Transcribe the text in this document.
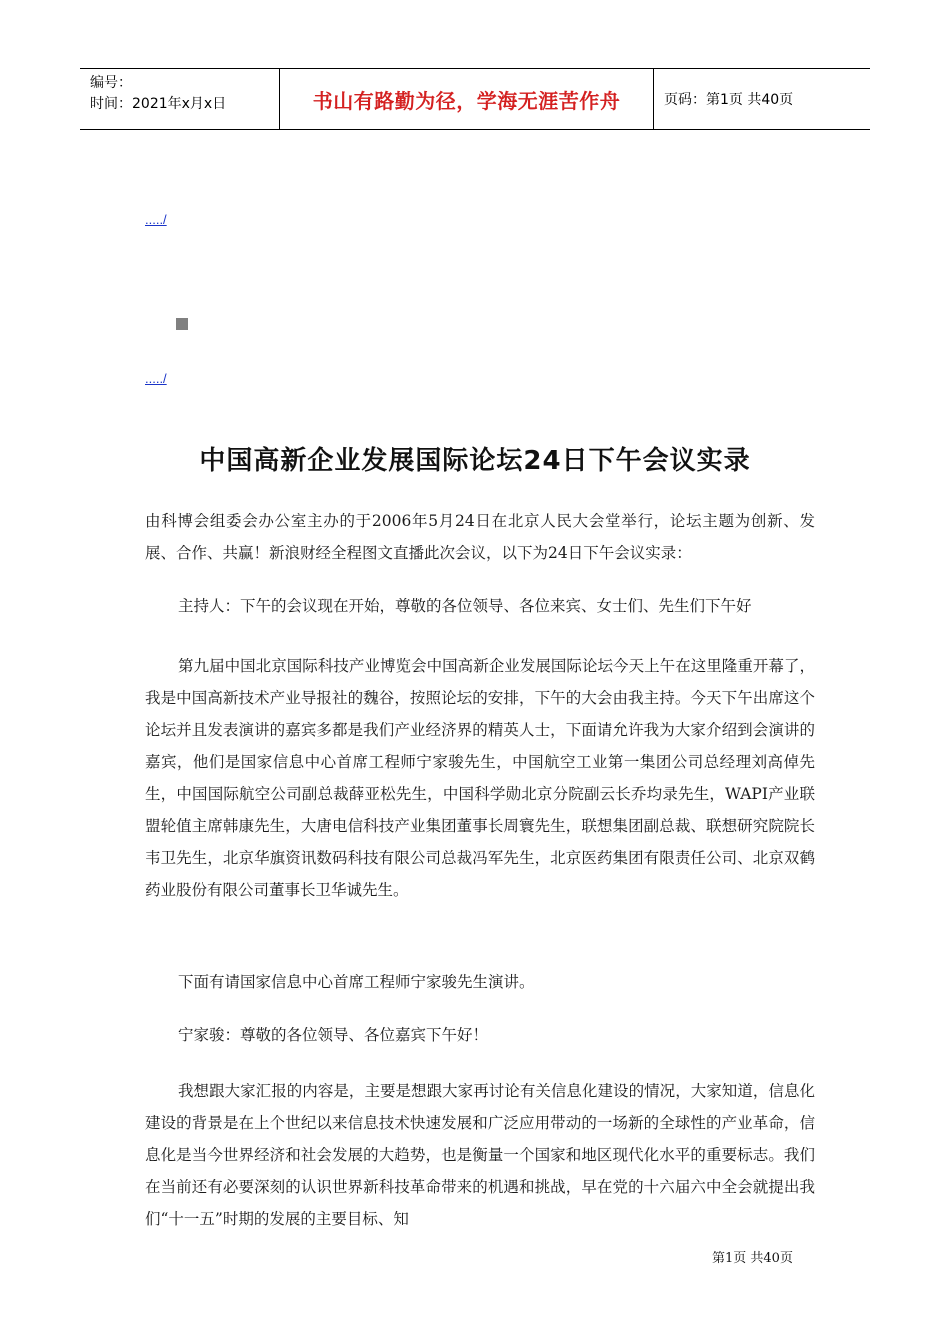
编号：
时间：2021年x月x日	书山有路勤为径，学海无涯苦作舟	页码：第1页 共40页
...../
...../
中国高新企业发展国际论坛24日下午会议实录

由科博会组委会办公室主办的于2006年5月24日在北京人民大会堂举行，论坛主题为创新、发展、合作、共赢！新浪财经全程图文直播此次会议，以下为24日下午会议实录：

主持人：下午的会议现在开始，尊敬的各位领导、各位来宾、女士们、先生们下午好

第九届中国北京国际科技产业博览会中国高新企业发展国际论坛今天上午在这里隆重开幕了，我是中国高新技术产业导报社的魏谷，按照论坛的安排，下午的大会由我主持。今天下午出席这个论坛并且发表演讲的嘉宾多都是我们产业经济界的精英人士，下面请允许我为大家介绍到会演讲的嘉宾，他们是国家信息中心首席工程师宁家骏先生，中国航空工业第一集团公司总经理刘高倬先生，中国国际航空公司副总裁薛亚松先生，中国科学勋北京分院副云长乔均录先生，WAPI产业联盟轮值主席韩康先生，大唐电信科技产业集团董事长周寰先生，联想集团副总裁、联想研究院院长韦卫先生，北京华旗资讯数码科技有限公司总裁冯军先生，北京医药集团有限责任公司、北京双鹤药业股份有限公司董事长卫华诚先生。

下面有请国家信息中心首席工程师宁家骏先生演讲。

宁家骏：尊敬的各位领导、各位嘉宾下午好！

我想跟大家汇报的内容是，主要是想跟大家再讨论有关信息化建设的情况，大家知道，信息化建设的背景是在上个世纪以来信息技术快速发展和广泛应用带动的一场新的全球性的产业革命，信息化是当今世界经济和社会发展的大趋势，也是衡量一个国家和地区现代化水平的重要标志。我们在当前还有必要深刻的认识世界新科技革命带来的机遇和挑战，早在党的十六届六中全会就提出我们“十一五”时期的发展的主要目标、知

第1页 共40页
